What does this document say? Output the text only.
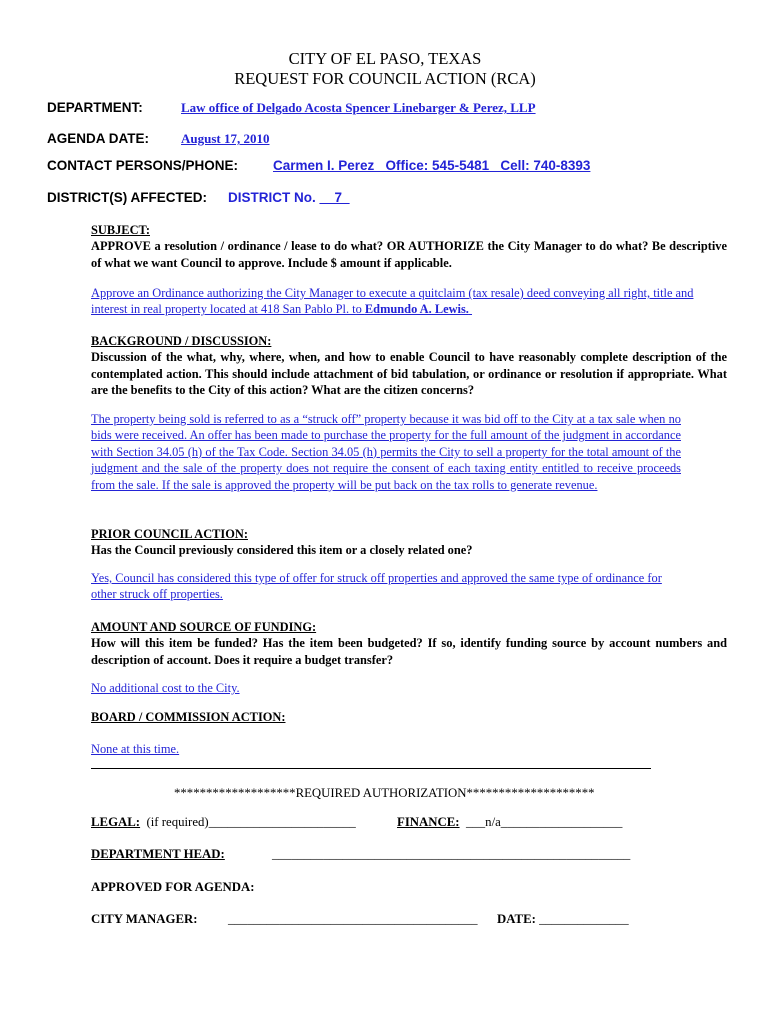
CITY OF EL PASO, TEXAS
REQUEST FOR COUNCIL ACTION (RCA)
DEPARTMENT:	Law office of Delgado Acosta Spencer Linebarger & Perez, LLP
AGENDA DATE: August 17, 2010
CONTACT PERSONS/PHONE:	Carmen I. Perez   Office: 545-5481   Cell: 740-8393
DISTRICT(S) AFFECTED: DISTRICT No. __7_
SUBJECT:
APPROVE a resolution / ordinance / lease to do what? OR AUTHORIZE the City Manager to do what? Be descriptive of what we want Council to approve. Include $ amount if applicable.
Approve an Ordinance authorizing the City Manager to execute a quitclaim (tax resale) deed conveying all right, title and interest in real property located at 418 San Pablo Pl. to Edmundo A. Lewis.
BACKGROUND / DISCUSSION:
Discussion of the what, why, where, when, and how to enable Council to have reasonably complete description of the contemplated action. This should include attachment of bid tabulation, or ordinance or resolution if appropriate. What are the benefits to the City of this action? What are the citizen concerns?
The property being sold is referred to as a “struck off” property because it was bid off to the City at a tax sale when no bids were received. An offer has been made to purchase the property for the full amount of the judgment in accordance with Section 34.05 (h) of the Tax Code. Section 34.05 (h) permits the City to sell a property for the total amount of the judgment and the sale of the property does not require the consent of each taxing entity entitled to receive proceeds from the sale. If the sale is approved the property will be put back on the tax rolls to generate revenue.
PRIOR COUNCIL ACTION:
Has the Council previously considered this item or a closely related one?
Yes, Council has considered this type of offer for struck off properties and approved the same type of ordinance for other struck off properties.
AMOUNT AND SOURCE OF FUNDING:
How will this item be funded? Has the item been budgeted? If so, identify funding source by account numbers and description of account. Does it require a budget transfer?
No additional cost to the City.
BOARD / COMMISSION ACTION:
None at this time.
*******************REQUIRED AUTHORIZATION********************
LEGAL: (if required)_______________________	FINANCE: ___n/a___________________
DEPARTMENT HEAD:	________________________________________________________
APPROVED FOR AGENDA:
CITY MANAGER: _______________________________________ DATE: ______________
